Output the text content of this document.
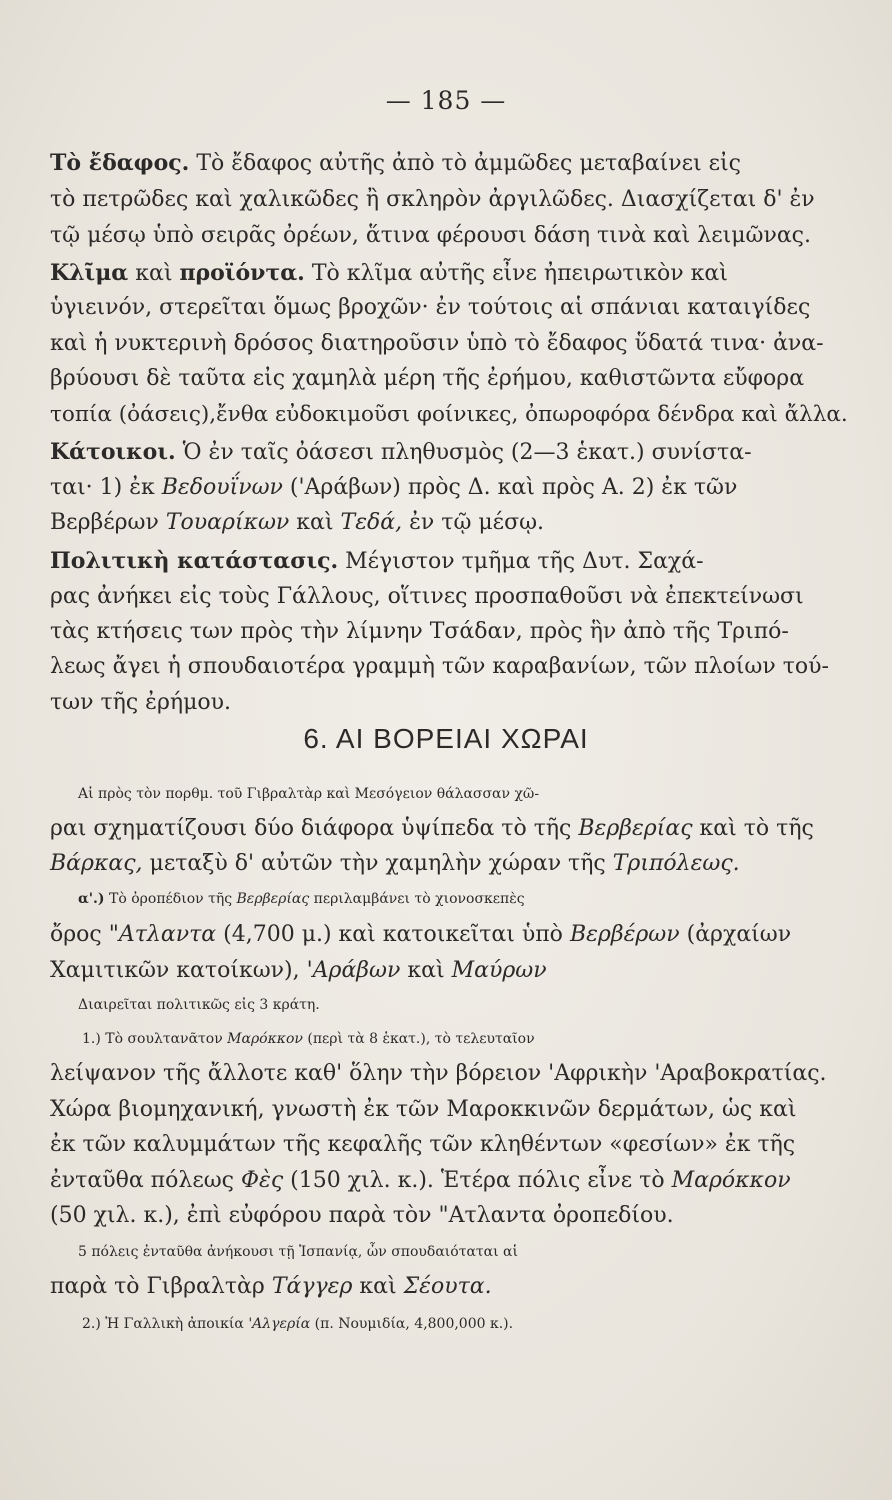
— 185 —
Τὸ ἔδαφος. Τὸ ἔδαφος αὐτῆς ἀπὸ τὸ ἀμμῶδες μεταβαίνει εἰς
τὸ πετρῶδες καὶ χαλικῶδες ἢ σκληρὸν ἀργιλῶδες. Διασχίζεται δ' ἐν
τῷ μέσῳ ὑπὸ σειρᾶς ὀρέων, ἅτινα φέρουσι δάση τινὰ καὶ λειμῶνας.
Κλῖμα καὶ προϊόντα. Τὸ κλῖμα αὐτῆς εἶνε ἠπειρωτικὸν καὶ
ὑγιεινόν, στερεῖται ὅμως βροχῶν· ἐν τούτοις αἱ σπάνιαι καταιγίδες
καὶ ἡ νυκτερινὴ δρόσος διατηροῦσιν ὑπὸ τὸ ἔδαφος ὕδατά τινα· ἀνα-
βρύουσι δὲ ταῦτα εἰς χαμηλὰ μέρη τῆς ἐρήμου, καθιστῶντα εὔφορα
τοπία (ὀάσεις),ἔνθα εὐδοκιμοῦσι φοίνικες, ὀπωροφόρα δένδρα καὶ ἄλλα.
Κάτοικοι. Ὁ ἐν ταῖς ὀάσεσι πληθυσμὸς (2—3 ἑκατ.) συνίστα-
ται· 1) ἐκ Βεδουΐνων ('Αράβων) πρὸς Δ. καὶ πρὸς Α. 2) ἐκ τῶν
Βερβέρων Τουαρίκων καὶ Τεδά, ἐν τῷ μέσῳ.
Πολιτικὴ κατάστασις. Μέγιστον τμῆμα τῆς Δυτ. Σαχά-
ρας ἀνήκει εἰς τοὺς Γάλλους, οἵτινες προσπαθοῦσι νὰ ἐπεκτείνωσι
τὰς κτήσεις των πρὸς τὴν λίμνην Τσάδαν, πρὸς ἣν ἀπὸ τῆς Τριπό-
λεως ἄγει ἡ σπουδαιοτέρα γραμμὴ τῶν καραβανίων, τῶν πλοίων τού-
των τῆς ἐρήμου.
6. ΑΙ ΒΟΡΕΙΑΙ ΧΩΡΑΙ
Αἱ πρὸς τὸν πορθμ. τοῦ Γιβραλτὰρ καὶ Μεσόγειον θάλασσαν χῶ-
ραι σχηματίζουσι δύο διάφορα ὑψίπεδα τὸ τῆς Βερβερίας καὶ τὸ τῆς
Βάρκας, μεταξὺ δ' αὐτῶν τὴν χαμηλὴν χώραν τῆς Τριπόλεως.
α'.) Τὸ ὀροπέδιον τῆς Βερβερίας περιλαμβάνει τὸ χιονοσκεπὲς
ὄρος "Ατλαντα (4,700 μ.) καὶ κατοικεῖται ὑπὸ Βερβέρων (ἀρχαίων
Χαμιτικῶν κατοίκων), 'Αράβων καὶ Μαύρων
Διαιρεῖται πολιτικῶς εἰς 3 κράτη.
1.) Τὸ σουλτανᾶτον Μαρόκκον (περὶ τὰ 8 ἑκατ.), τὸ τελευταῖον
λείψανον τῆς ἄλλοτε καθ' ὅλην τὴν βόρειον 'Αφρικὴν 'Αραβοκρατίας.
Χώρα βιομηχανική, γνωστὴ ἐκ τῶν Μαροκκινῶν δερμάτων, ὡς καὶ
ἐκ τῶν καλυμμάτων τῆς κεφαλῆς τῶν κληθέντων «φεσίων» ἐκ τῆς
ἐνταῦθα πόλεως Φὲς (150 χιλ. κ.). Ἑτέρα πόλις εἶνε τὸ Μαρόκκον
(50 χιλ. κ.), ἐπὶ εὐφόρου παρὰ τὸν "Ατλαντα ὀροπεδίου.
5 πόλεις ἐνταῦθα ἀνήκουσι τῇ Ἱσπανίᾳ, ὧν σπουδαιόταται αἱ
παρὰ τὸ Γιβραλτὰρ Τάγγερ καὶ Σέουτα.
2.) Ἡ Γαλλικὴ ἀποικία 'Αλγερία (π. Νουμιδία, 4,800,000 κ.).
